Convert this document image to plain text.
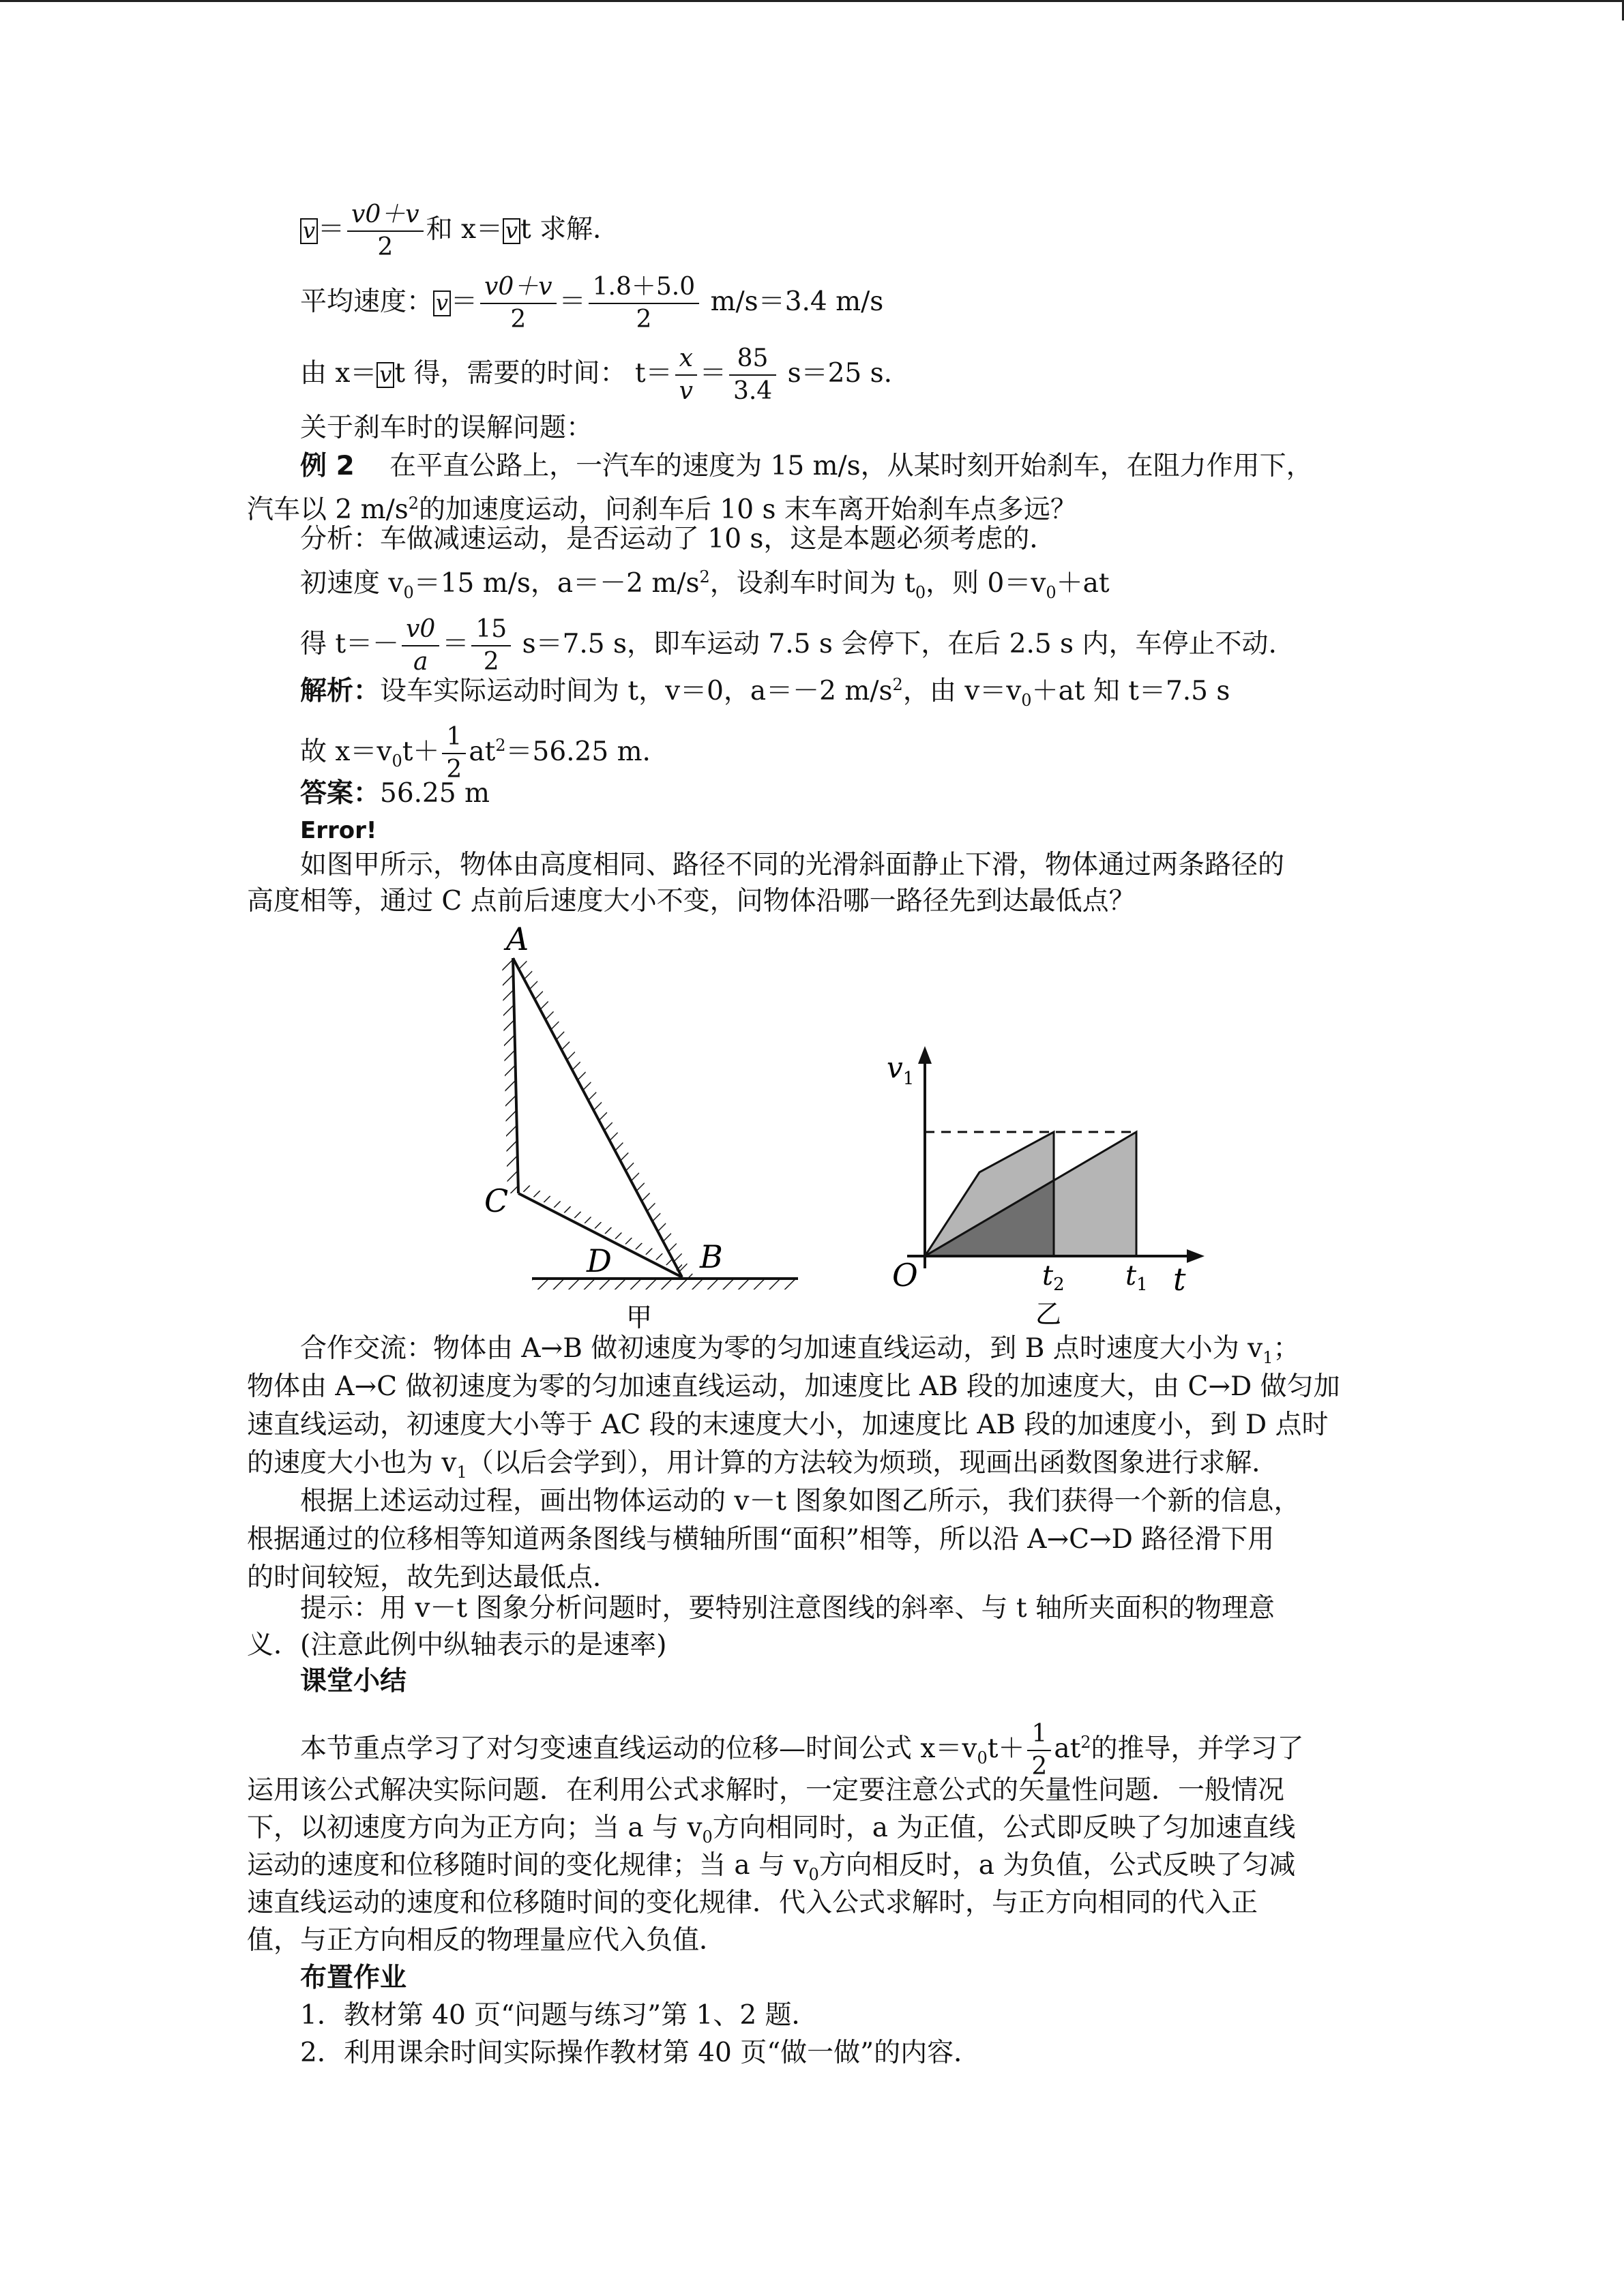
$v = \frac{v0+v}{2}$ 和 x＝ v t 求解．
平均速度： $v = \frac{v0+v}{2} = \frac{1.8+5.0}{2} m/s=3.4$ m/s
由 x＝ v t 得，需要的时间： $t= \frac{x}{v} = \frac{85}{3.4} s=25$ s.
关于刹车时的误解问题：
例 2　 在平直公路上，一汽车的速度为 15 m/s，从某时刻开始刹车，在阻力作用下，
汽车以 2 $m/s^2$的加速度运动，问刹车后 10 s 末车离开始刹车点多远？
分析：车做减速运动，是否运动了 10 s，这是本题必须考虑的．
初速度 $v_0=15$ m/s，a＝－2 $m/s^2$，设刹车时间为 $t_0$，则 $0=v_0+at$
得 $t=- \frac{v0}{a} = \frac{15}{2} s=7.5$ s，即车运动 7.5 s 会停下，在后 2.5 s 内，车停止不动.
解析：设车实际运动时间为 t，v＝0，a＝－2 $m/s^2$，由 $v=v_0+at$ 知 t＝7.5 s
故 $x=v_0t+ \frac{1}{2} at^2=56.25$ m.
答案：56.25 m
Error!
如图甲所示，物体由高度相同、路径不同的光滑斜面静止下滑，物体通过两条路径的
高度相等，通过 C 点前后速度大小不变，问物体沿哪一路径先到达最低点？
A
C
D	B
甲
$v_1$
O	$t_2$ $t_1$ t
乙
合作交流：物体由 A→B 做初速度为零的匀加速直线运动，到 B 点时速度大小为 $v_1$；
物体由 A→C 做初速度为零的匀加速直线运动，加速度比 AB 段的加速度大，由 C→D 做匀加
速直线运动，初速度大小等于 AC 段的末速度大小，加速度比 AB 段的加速度小，到 D 点时
的速度大小也为 $v_1$（以后会学到），用计算的方法较为烦琐，现画出函数图象进行求解．
根据上述运动过程，画出物体运动的 v－t 图象如图乙所示，我们获得一个新的信息，
根据通过的位移相等知道两条图线与横轴所围“面积”相等，所以沿 A→C→D 路径滑下用
的时间较短，故先到达最低点．
提示：用 v－t 图象分析问题时，要特别注意图线的斜率、与 t 轴所夹面积的物理意
义．(注意此例中纵轴表示的是速率)
课堂小结
本节重点学习了对匀变速直线运动的位移—时间公式 $x=v_0t+ \frac{1}{2} at^2$的推导，并学习了
运用该公式解决实际问题．在利用公式求解时，一定要注意公式的矢量性问题．一般情况
下，以初速度方向为正方向；当 a 与 $v_0$方向相同时，a 为正值，公式即反映了匀加速直线
运动的速度和位移随时间的变化规律；当 a 与 $v_0$方向相反时，a 为负值，公式反映了匀减
速直线运动的速度和位移随时间的变化规律．代入公式求解时，与正方向相同的代入正
值，与正方向相反的物理量应代入负值．
布置作业
1．教材第 40 页“问题与练习”第 1、2 题．
2．利用课余时间实际操作教材第 40 页“做一做”的内容．
